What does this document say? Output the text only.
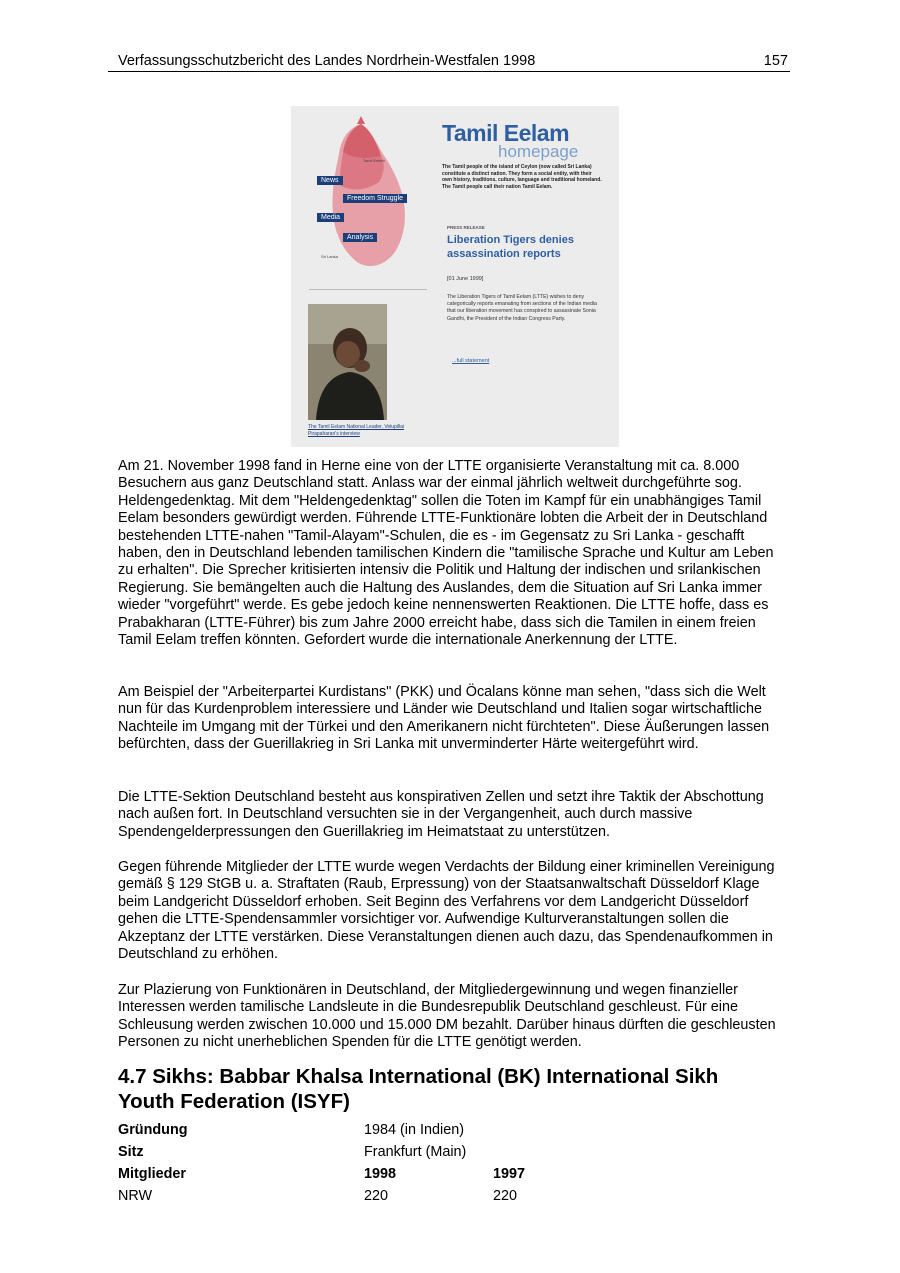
Verfassungsschutzbericht des Landes Nordrhein-Westfalen 1998	157
Tamil Eelam
Sri Lanka
News
Freedom Struggle
Media
Analysis
The Tamil Eelam National Leader, Velupillai Pirapaharan's interview
Tamil Eelam
homepage
The Tamil people of the island of Ceylon (now called Sri Lanka) constitute a distinct nation. They form a social entity, with their own history, traditions, culture, language and traditional homeland. The Tamil people call their nation Tamil Eelam.
PRESS RELEASE
Liberation Tigers denies assassination reports
[01 June 1999]
The Liberation Tigers of Tamil Eelam (LTTE) wishes to deny categorically reports emanating from sections of the Indian media that our liberation movement has conspired to assassinate Sonia Gandhi, the President of the Indian Congress Party.
...full statement

Am 21. November 1998 fand in Herne eine von der LTTE organisierte Veranstaltung mit ca. 8.000 Besuchern aus ganz Deutschland statt. Anlass war der einmal jährlich weltweit durchgeführte sog. Heldengedenktag. Mit dem "Heldengedenktag" sollen die Toten im Kampf für ein unabhängiges Tamil Eelam besonders gewürdigt werden. Führende LTTE-Funktionäre lobten die Arbeit der in Deutschland bestehenden LTTE-nahen "Tamil-Alayam"-Schulen, die es - im Gegensatz zu Sri Lanka - geschafft haben, den in Deutschland lebenden tamilischen Kindern die "tamilische Sprache und Kultur am Leben zu erhalten". Die Sprecher kritisierten intensiv die Politik und Haltung der indischen und srilankischen Regierung. Sie bemängelten auch die Haltung des Auslandes, dem die Situation auf Sri Lanka immer wieder "vorgeführt" werde. Es gebe jedoch keine nennenswerten Reaktionen. Die LTTE hoffe, dass es Prabakharan (LTTE-Führer) bis zum Jahre 2000 erreicht habe, dass sich die Tamilen in einem freien Tamil Eelam treffen könnten. Gefordert wurde die internationale Anerkennung der LTTE.

Am Beispiel der "Arbeiterpartei Kurdistans" (PKK) und Öcalans könne man sehen, "dass sich die Welt nun für das Kurdenproblem interessiere und Länder wie Deutschland und Italien sogar wirtschaftliche Nachteile im Umgang mit der Türkei und den Amerikanern nicht fürchteten". Diese Äußerungen lassen befürchten, dass der Guerillakrieg in Sri Lanka mit unverminderter Härte weitergeführt wird.

Die LTTE-Sektion Deutschland besteht aus konspirativen Zellen und setzt ihre Taktik der Abschottung nach außen fort. In Deutschland versuchten sie in der Vergangenheit, auch durch massive Spendengelderpressungen den Guerillakrieg im Heimatstaat zu unterstützen.

Gegen führende Mitglieder der LTTE wurde wegen Verdachts der Bildung einer kriminellen Vereinigung gemäß § 129 StGB u. a. Straftaten (Raub, Erpressung) von der Staatsanwaltschaft Düsseldorf Klage beim Landgericht Düsseldorf erhoben. Seit Beginn des Verfahrens vor dem Landgericht Düsseldorf gehen die LTTE-Spendensammler vorsichtiger vor. Aufwendige Kulturveranstaltungen sollen die Akzeptanz der LTTE verstärken. Diese Veranstaltungen dienen auch dazu, das Spendenaufkommen in Deutschland zu erhöhen.

Zur Plazierung von Funktionären in Deutschland, der Mitgliedergewinnung und wegen finanzieller Interessen werden tamilische Landsleute in die Bundesrepublik Deutschland geschleust. Für eine Schleusung werden zwischen 10.000 und 15.000 DM bezahlt. Darüber hinaus dürften die geschleusten Personen zu nicht unerheblichen Spenden für die LTTE genötigt werden.

4.7 Sikhs: Babbar Khalsa International (BK) International Sikh Youth Federation (ISYF)
Gründung	1984 (in Indien)
Sitz	Frankfurt (Main)
Mitglieder	1998	1997
NRW	220	220
